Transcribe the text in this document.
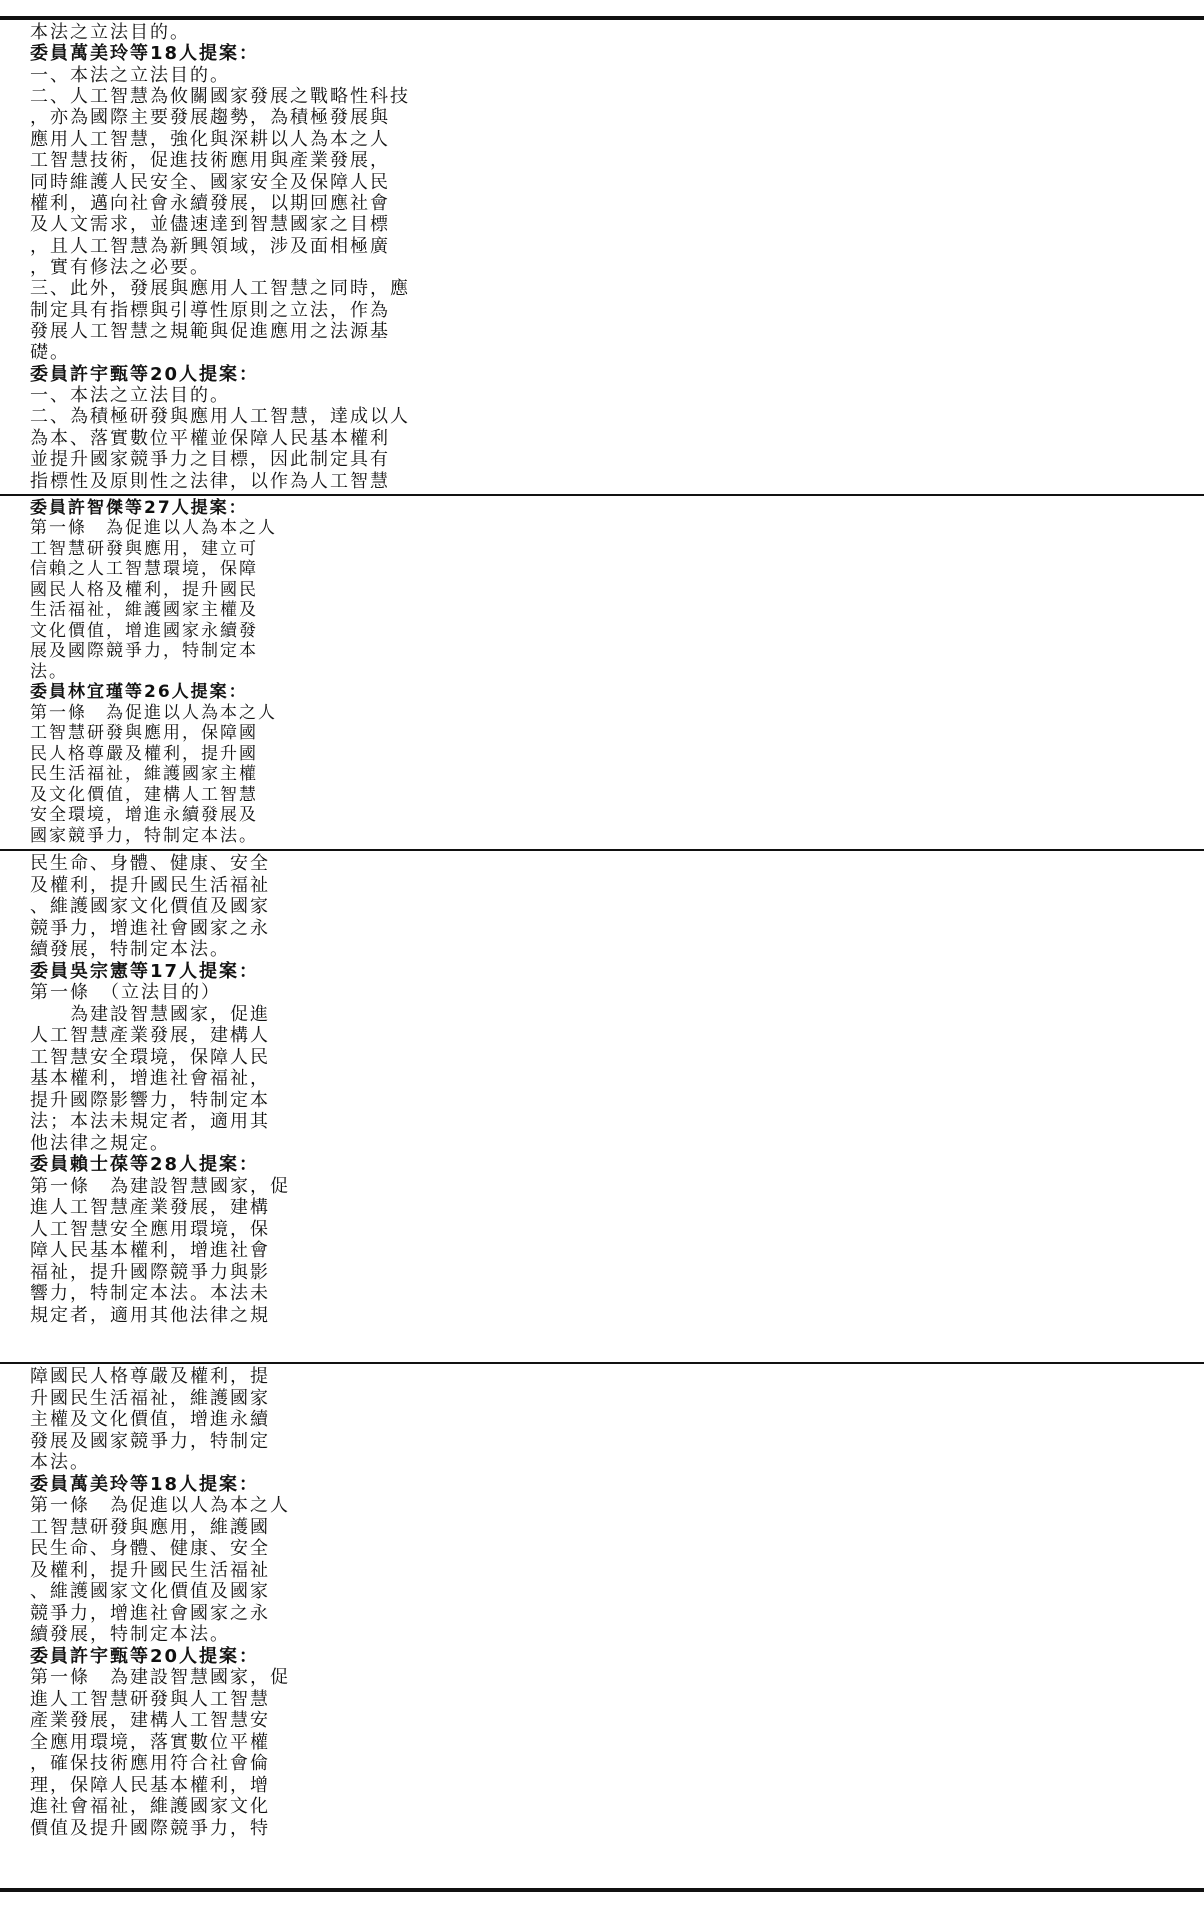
本法之立法目的。
委員萬美玲等18人提案：
一、本法之立法目的。
二、人工智慧為攸關國家發展之戰略性科技
，亦為國際主要發展趨勢，為積極發展與
應用人工智慧，強化與深耕以人為本之人
工智慧技術，促進技術應用與產業發展，
同時維護人民安全、國家安全及保障人民
權利，邁向社會永續發展，以期回應社會
及人文需求，並儘速達到智慧國家之目標
，且人工智慧為新興領域，涉及面相極廣
，實有修法之必要。
三、此外，發展與應用人工智慧之同時，應
制定具有指標與引導性原則之立法，作為
發展人工智慧之規範與促進應用之法源基
礎。
委員許宇甄等20人提案：
一、本法之立法目的。
二、為積極研發與應用人工智慧，達成以人
為本、落實數位平權並保障人民基本權利
並提升國家競爭力之目標，因此制定具有
指標性及原則性之法律，以作為人工智慧
委員許智傑等27人提案：
第一條　為促進以人為本之人
工智慧研發與應用，建立可
信賴之人工智慧環境，保障
國民人格及權利，提升國民
生活福祉，維護國家主權及
文化價值，增進國家永續發
展及國際競爭力，特制定本
法。
委員林宜瑾等26人提案：
第一條　為促進以人為本之人
工智慧研發與應用，保障國
民人格尊嚴及權利，提升國
民生活福祉，維護國家主權
及文化價值，建構人工智慧
安全環境，增進永續發展及
國家競爭力，特制定本法。
民生命、身體、健康、安全
及權利，提升國民生活福祉
、維護國家文化價值及國家
競爭力，增進社會國家之永
續發展，特制定本法。
委員吳宗憲等17人提案：
第一條　（立法目的）
　　為建設智慧國家，促進
人工智慧產業發展，建構人
工智慧安全環境，保障人民
基本權利，增進社會福祉，
提升國際影響力，特制定本
法；本法未規定者，適用其
他法律之規定。
委員賴士葆等28人提案：
第一條　為建設智慧國家，促
進人工智慧產業發展，建構
人工智慧安全應用環境，保
障人民基本權利，增進社會
福祉，提升國際競爭力與影
響力，特制定本法。本法未
規定者，適用其他法律之規
障國民人格尊嚴及權利，提
升國民生活福祉，維護國家
主權及文化價值，增進永續
發展及國家競爭力，特制定
本法。
委員萬美玲等18人提案：
第一條　為促進以人為本之人
工智慧研發與應用，維護國
民生命、身體、健康、安全
及權利，提升國民生活福祉
、維護國家文化價值及國家
競爭力，增進社會國家之永
續發展，特制定本法。
委員許宇甄等20人提案：
第一條　為建設智慧國家，促
進人工智慧研發與人工智慧
產業發展，建構人工智慧安
全應用環境，落實數位平權
，確保技術應用符合社會倫
理，保障人民基本權利，增
進社會福祉，維護國家文化
價值及提升國際競爭力，特
